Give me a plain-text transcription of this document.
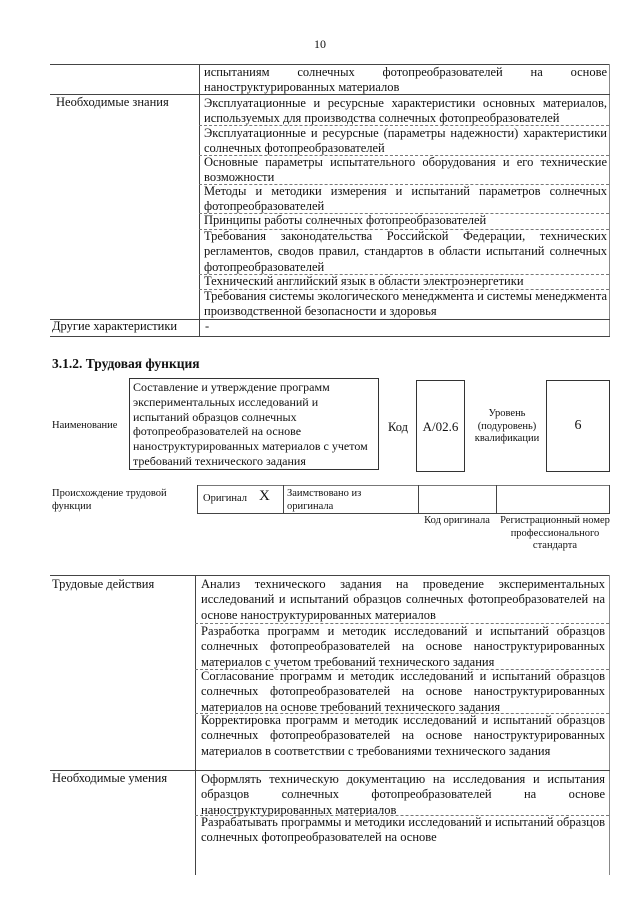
10
испытаниям солнечных фотопреобразователей на основе наноструктурированных материалов
Необходимые знания	Эксплуатационные и ресурсные характеристики основных материалов, используемых для производства солнечных фотопреобразователей
Эксплуатационные и ресурсные (параметры надежности) характеристики солнечных фотопреобразователей
Основные параметры испытательного оборудования и его технические возможности
Методы и методики измерения и испытаний параметров солнечных фотопреобразователей
Принципы работы солнечных фотопреобразователей
Требования законодательства Российской Федерации, технических регламентов, сводов правил, стандартов в области испытаний солнечных фотопреобразователей
Технический английский язык в области электроэнергетики
Требования системы экологического менеджмента и системы менеджмента производственной безопасности и здоровья
Другие характеристики -
3.1.2. Трудовая функция
Наименование
Составление и утверждение программ экспериментальных исследований и испытаний образцов солнечных фотопреобразователей на основе наноструктурированных материалов с учетом требований технического задания
Код	А/02.6
Уровень (подуровень) квалификации
6
Происхождение трудовой функции
Оригинал X Заимствовано из оригинала
Код оригинала Регистрационный номер профессионального стандарта
Трудовые действия	Анализ технического задания на проведение экспериментальных исследований и испытаний образцов солнечных фотопреобразователей на основе наноструктурированных материалов
Разработка программ и методик исследований и испытаний образцов солнечных фотопреобразователей на основе наноструктурированных материалов с учетом требований технического задания
Согласование программ и методик исследований и испытаний образцов солнечных фотопреобразователей на основе наноструктурированных материалов на основе требований технического задания
Корректировка программ и методик исследований и испытаний образцов солнечных фотопреобразователей на основе наноструктурированных материалов в соответствии с требованиями технического задания
Необходимые умения	Оформлять техническую документацию на исследования и испытания образцов солнечных фотопреобразователей на основе наноструктурированных материалов
Разрабатывать программы и методики исследований и испытаний образцов солнечных фотопреобразователей на основе
